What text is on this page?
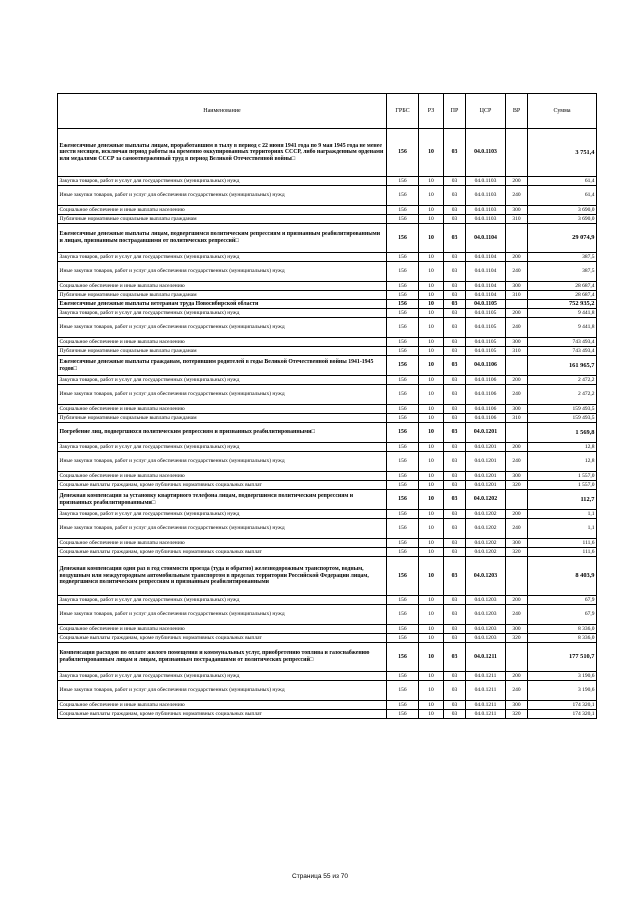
Наименование	ГРБС	РЗ	ПР	ЦСР	ВР	Сумма
Ежемесячные денежные выплаты лицам, проработавшим в тылу в период с 22 июня 1941 года по 9 мая 1945 года не менее шести месяцев, исключая период работы на временно оккупированных территориях СССР, либо награжденным орденами или медалями СССР за самоотверженный труд в период Великой Отечественной войны□	156	10	03	04.0.1103		3 751,4
Закупка товаров, работ и услуг для государственных (муниципальных) нужд	156	10	03	04.0.1103	200	61,4
Иные закупки товаров, работ и услуг для обеспечения государственных (муниципальных) нужд	156	10	03	04.0.1103	240	61,4
Социальное обеспечение и иные выплаты населению	156	10	03	04.0.1103	300	3 690,0
Публичные нормативные социальные выплаты гражданам	156	10	03	04.0.1103	310	3 690,0
Ежемесячные денежные выплаты лицам, подвергшимся политическим репрессиям и признанным реабилитированными и лицам, признанным пострадавшими от политических репрессий□	156	10	03	04.0.1104		29 074,9
Закупка товаров, работ и услуг для государственных (муниципальных) нужд	156	10	03	04.0.1104	200	387,5
Иные закупки товаров, работ и услуг для обеспечения государственных (муниципальных) нужд	156	10	03	04.0.1104	240	387,5
Социальное обеспечение и иные выплаты населению	156	10	03	04.0.1104	300	28 687,4
Публичные нормативные социальные выплаты гражданам	156	10	03	04.0.1104	310	28 687,4
Ежемесячные денежные выплаты ветеранам труда Новосибирской области	156	10	03	04.0.1105		752 935,2
Закупка товаров, работ и услуг для государственных (муниципальных) нужд	156	10	03	04.0.1105	200	9 441,8
Иные закупки товаров, работ и услуг для обеспечения государственных (муниципальных) нужд	156	10	03	04.0.1105	240	9 441,8
Социальное обеспечение и иные выплаты населению	156	10	03	04.0.1105	300	743 493,4
Публичные нормативные социальные выплаты гражданам	156	10	03	04.0.1105	310	743 493,4
Ежемесячные денежные выплаты гражданам, потерявшим родителей в годы Великой Отечественной войны 1941-1945 годов□	156	10	03	04.0.1106		161 965,7
Закупка товаров, работ и услуг для государственных (муниципальных) нужд	156	10	03	04.0.1106	200	2 472,2
Иные закупки товаров, работ и услуг для обеспечения государственных (муниципальных) нужд	156	10	03	04.0.1106	240	2 472,2
Социальное обеспечение и иные выплаты населению	156	10	03	04.0.1106	300	159 493,5
Публичные нормативные социальные выплаты гражданам	156	10	03	04.0.1106	310	159 493,5
Погребение лиц, подвергшихся политическим репрессиям и признанных реабилитированными□	156	10	03	04.0.1201		1 569,8
Закупка товаров, работ и услуг для государственных (муниципальных) нужд	156	10	03	04.0.1201	200	12,8
Иные закупки товаров, работ и услуг для обеспечения государственных (муниципальных) нужд	156	10	03	04.0.1201	240	12,8
Социальное обеспечение и иные выплаты населению	156	10	03	04.0.1201	300	1 557,0
Социальные выплаты гражданам, кроме публичных нормативных социальных выплат	156	10	03	04.0.1201	320	1 557,0
Денежная компенсация за установку квартирного телефона лицам, подвергшимся политическим репрессиям и признанных реабилитированными□	156	10	03	04.0.1202		112,7
Закупка товаров, работ и услуг для государственных (муниципальных) нужд	156	10	03	04.0.1202	200	1,1
Иные закупки товаров, работ и услуг для обеспечения государственных (муниципальных) нужд	156	10	03	04.0.1202	240	1,1
Социальное обеспечение и иные выплаты населению	156	10	03	04.0.1202	300	111,6
Социальные выплаты гражданам, кроме публичных нормативных социальных выплат	156	10	03	04.0.1202	320	111,6
Денежная компенсация один раз в год стоимости проезда (туда и обратно) железнодорожным транспортом, водным, воздушным или междугородным автомобильным транспортом в пределах территории Российской Федерации лицам, подвергшимся политическим репрессиям и признанным реабилитированными	156	10	03	04.0.1203		8 403,9
Закупка товаров, работ и услуг для государственных (муниципальных) нужд	156	10	03	04.0.1203	200	67,9
Иные закупки товаров, работ и услуг для обеспечения государственных (муниципальных) нужд	156	10	03	04.0.1203	240	67,9
Социальное обеспечение и иные выплаты населению	156	10	03	04.0.1203	300	8 336,0
Социальные выплаты гражданам, кроме публичных нормативных социальных выплат	156	10	03	04.0.1203	320	8 336,0
Компенсация расходов по оплате жилого помещения и коммунальных услуг, приобретению топлива и газоснабжению реабилитированным лицам и лицам, признанным пострадавшими от политических репрессий□	156	10	03	04.0.1211		177 510,7
Закупка товаров, работ и услуг для государственных (муниципальных) нужд	156	10	03	04.0.1211	200	3 190,6
Иные закупки товаров, работ и услуг для обеспечения государственных (муниципальных) нужд	156	10	03	04.0.1211	240	3 190,6
Социальное обеспечение и иные выплаты населению	156	10	03	04.0.1211	300	174 320,1
Социальные выплаты гражданам, кроме публичных нормативных социальных выплат	156	10	03	04.0.1211	320	174 320,1
Страница 55 из 70
